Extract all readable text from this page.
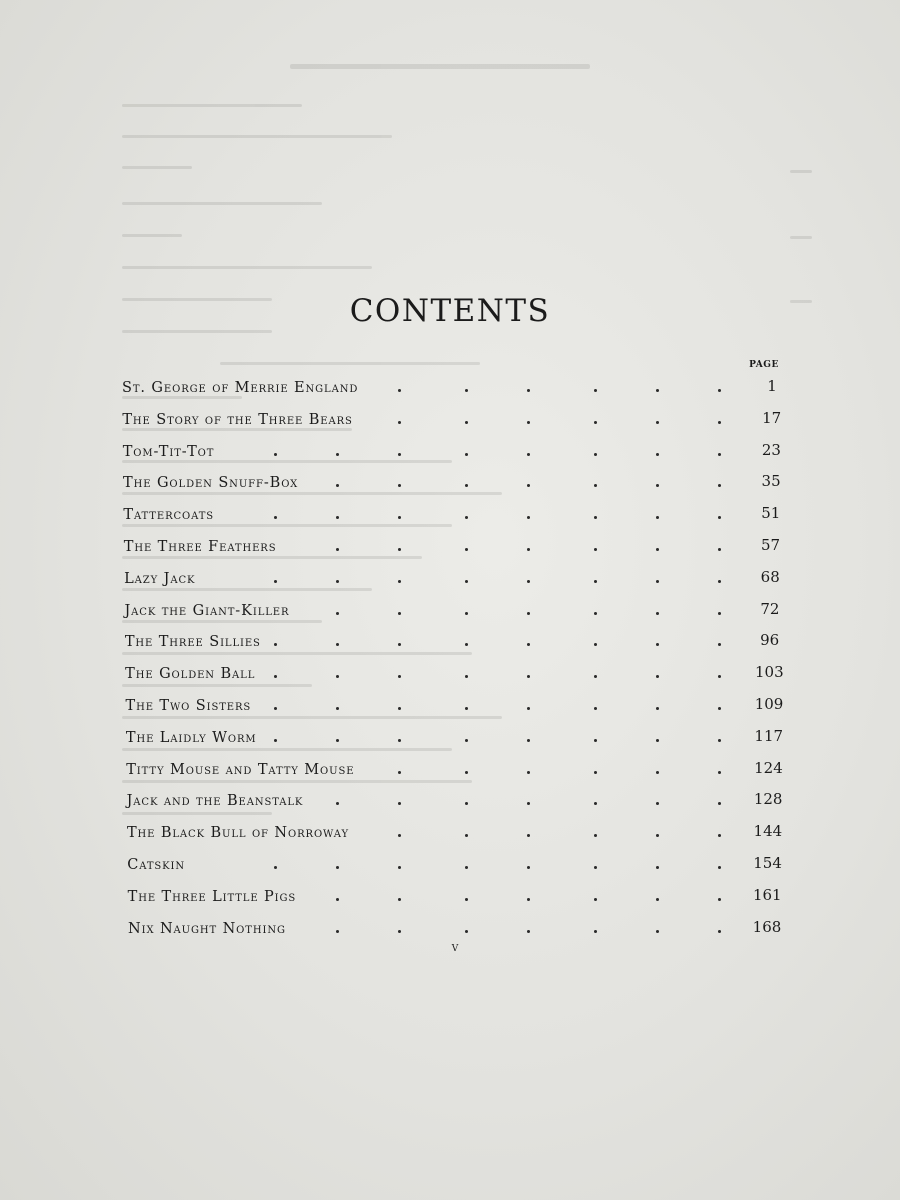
CONTENTS
PAGE
St. George of Merrie England	1
The Story of the Three Bears	17
Tom-Tit-Tot	23
The Golden Snuff-Box	35
Tattercoats	51
The Three Feathers	57
Lazy Jack	68
Jack the Giant-Killer	72
The Three Sillies	96
The Golden Ball	103
The Two Sisters	109
The Laidly Worm	117
Titty Mouse and Tatty Mouse	124
Jack and the Beanstalk	128
The Black Bull of Norroway	144
Catskin	154
The Three Little Pigs	161
Nix Naught Nothing	168
v
